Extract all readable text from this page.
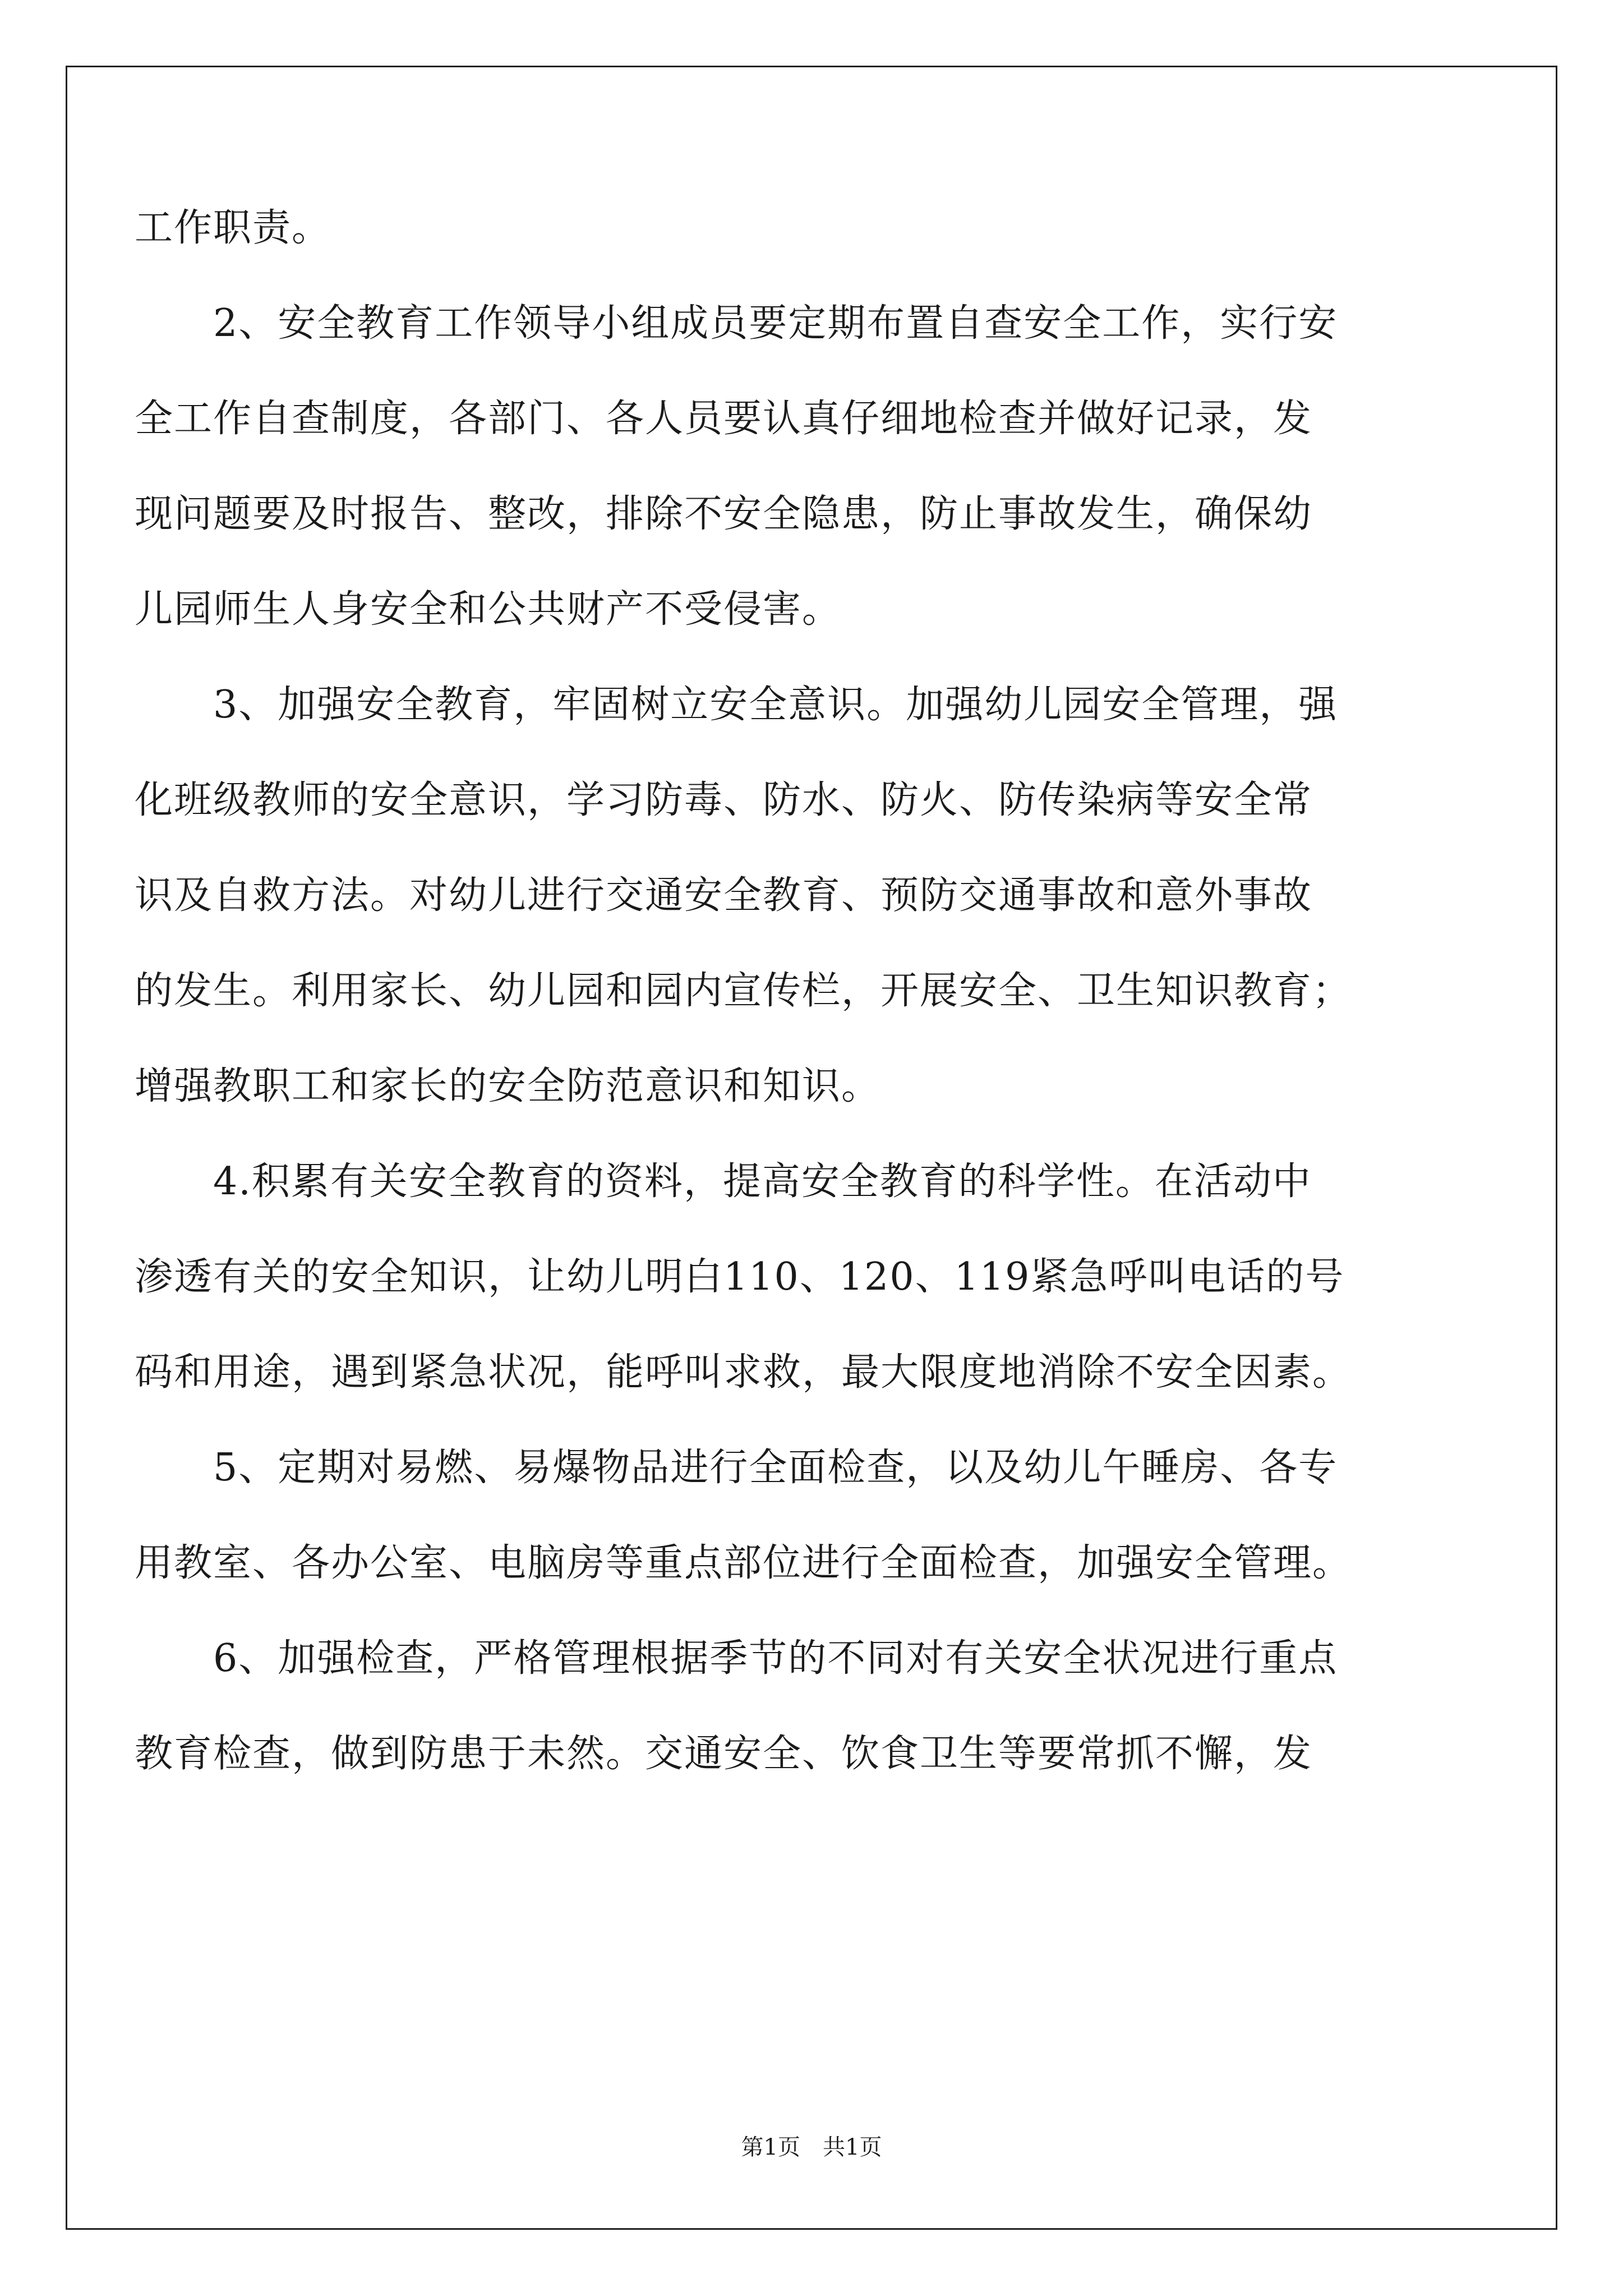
工作职责。
　　2、安全教育工作领导小组成员要定期布置自查安全工作，实行安
全工作自查制度，各部门、各人员要认真仔细地检查并做好记录，发
现问题要及时报告、整改，排除不安全隐患，防止事故发生，确保幼
儿园师生人身安全和公共财产不受侵害。
　　3、加强安全教育，牢固树立安全意识。加强幼儿园安全管理，强
化班级教师的安全意识，学习防毒、防水、防火、防传染病等安全常
识及自救方法。对幼儿进行交通安全教育、预防交通事故和意外事故
的发生。利用家长、幼儿园和园内宣传栏，开展安全、卫生知识教育；
增强教职工和家长的安全防范意识和知识。
　　4.积累有关安全教育的资料，提高安全教育的科学性。在活动中
渗透有关的安全知识，让幼儿明白110、120、119紧急呼叫电话的号
码和用途，遇到紧急状况，能呼叫求救，最大限度地消除不安全因素。
　　5、定期对易燃、易爆物品进行全面检查，以及幼儿午睡房、各专
用教室、各办公室、电脑房等重点部位进行全面检查，加强安全管理。
　　6、加强检查，严格管理根据季节的不同对有关安全状况进行重点
教育检查，做到防患于未然。交通安全、饮食卫生等要常抓不懈，发
第1页　共1页
